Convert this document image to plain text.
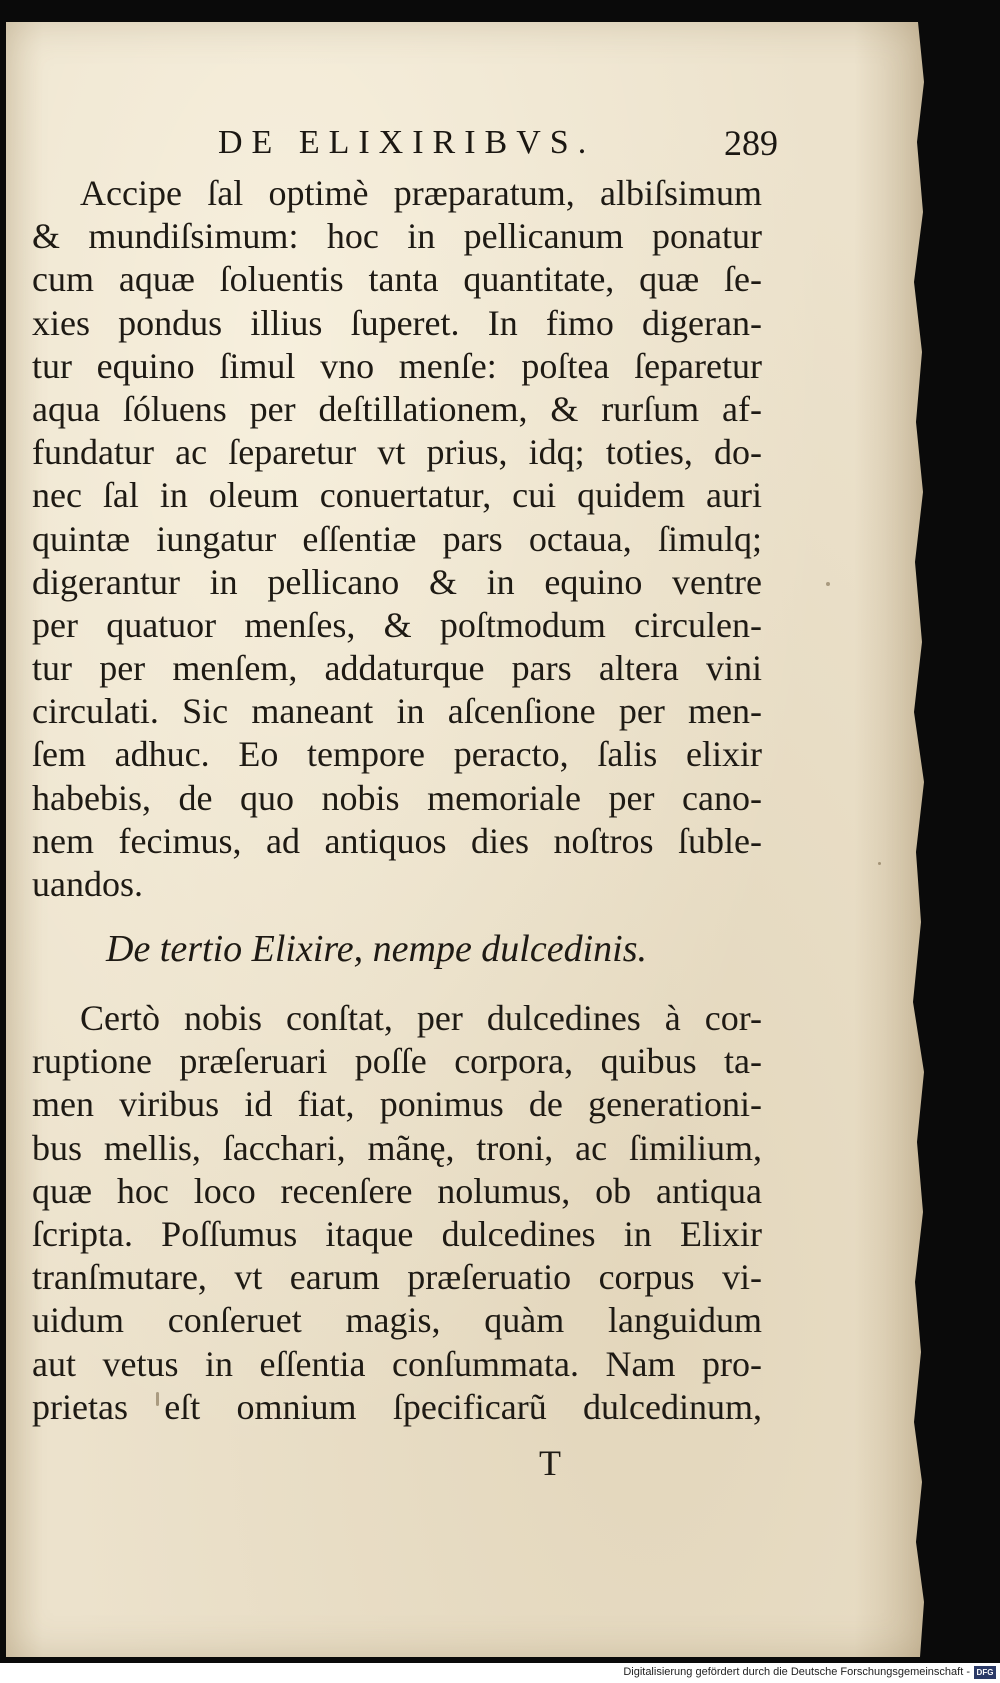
DE ELIXIRIBVS.	289
Accipe ſal optimè præparatum, albiſsimum
& mundiſsimum: hoc in pellicanum ponatur
cum aquæ ſoluentis tanta quantitate, quæ ſe-
xies pondus illius ſuperet. In fimo digeran-
tur equino ſimul vno menſe: poſtea ſeparetur
aqua ſóluens per deſtillationem, & rurſum af-
fundatur ac ſeparetur vt prius, idq; toties, do-
nec ſal in oleum conuertatur, cui quidem auri
quintæ iungatur eſſentiæ pars octaua, ſimulq;
digerantur in pellicano & in equino ventre
per quatuor menſes, & poſtmodum circulen-
tur per menſem, addaturque pars altera vini
circulati. Sic maneant in aſcenſione per men-
ſem adhuc. Eo tempore peracto, ſalis elixir
habebis, de quo nobis memoriale per cano-
nem fecimus, ad antiquos dies noſtros ſuble-
uandos.
De tertio Elixire, nempe dulcedinis.
Certò nobis conſtat, per dulcedines à cor-
ruptione præſeruari poſſe corpora, quibus ta-
men viribus id fiat, ponimus de generationi-
bus mellis, ſacchari, mãnę, troni, ac ſimilium,
quæ hoc loco recenſere nolumus, ob antiqua
ſcripta. Poſſumus itaque dulcedines in Elixir
tranſmutare, vt earum præſeruatio corpus vi-
uidum conſeruet magis, quàm languidum
aut vetus in eſſentia conſummata. Nam pro-
prietas eſt omnium ſpecificarũ dulcedinum,
T
Digitalisierung gefördert durch die Deutsche Forschungsgemeinschaft - DFG
